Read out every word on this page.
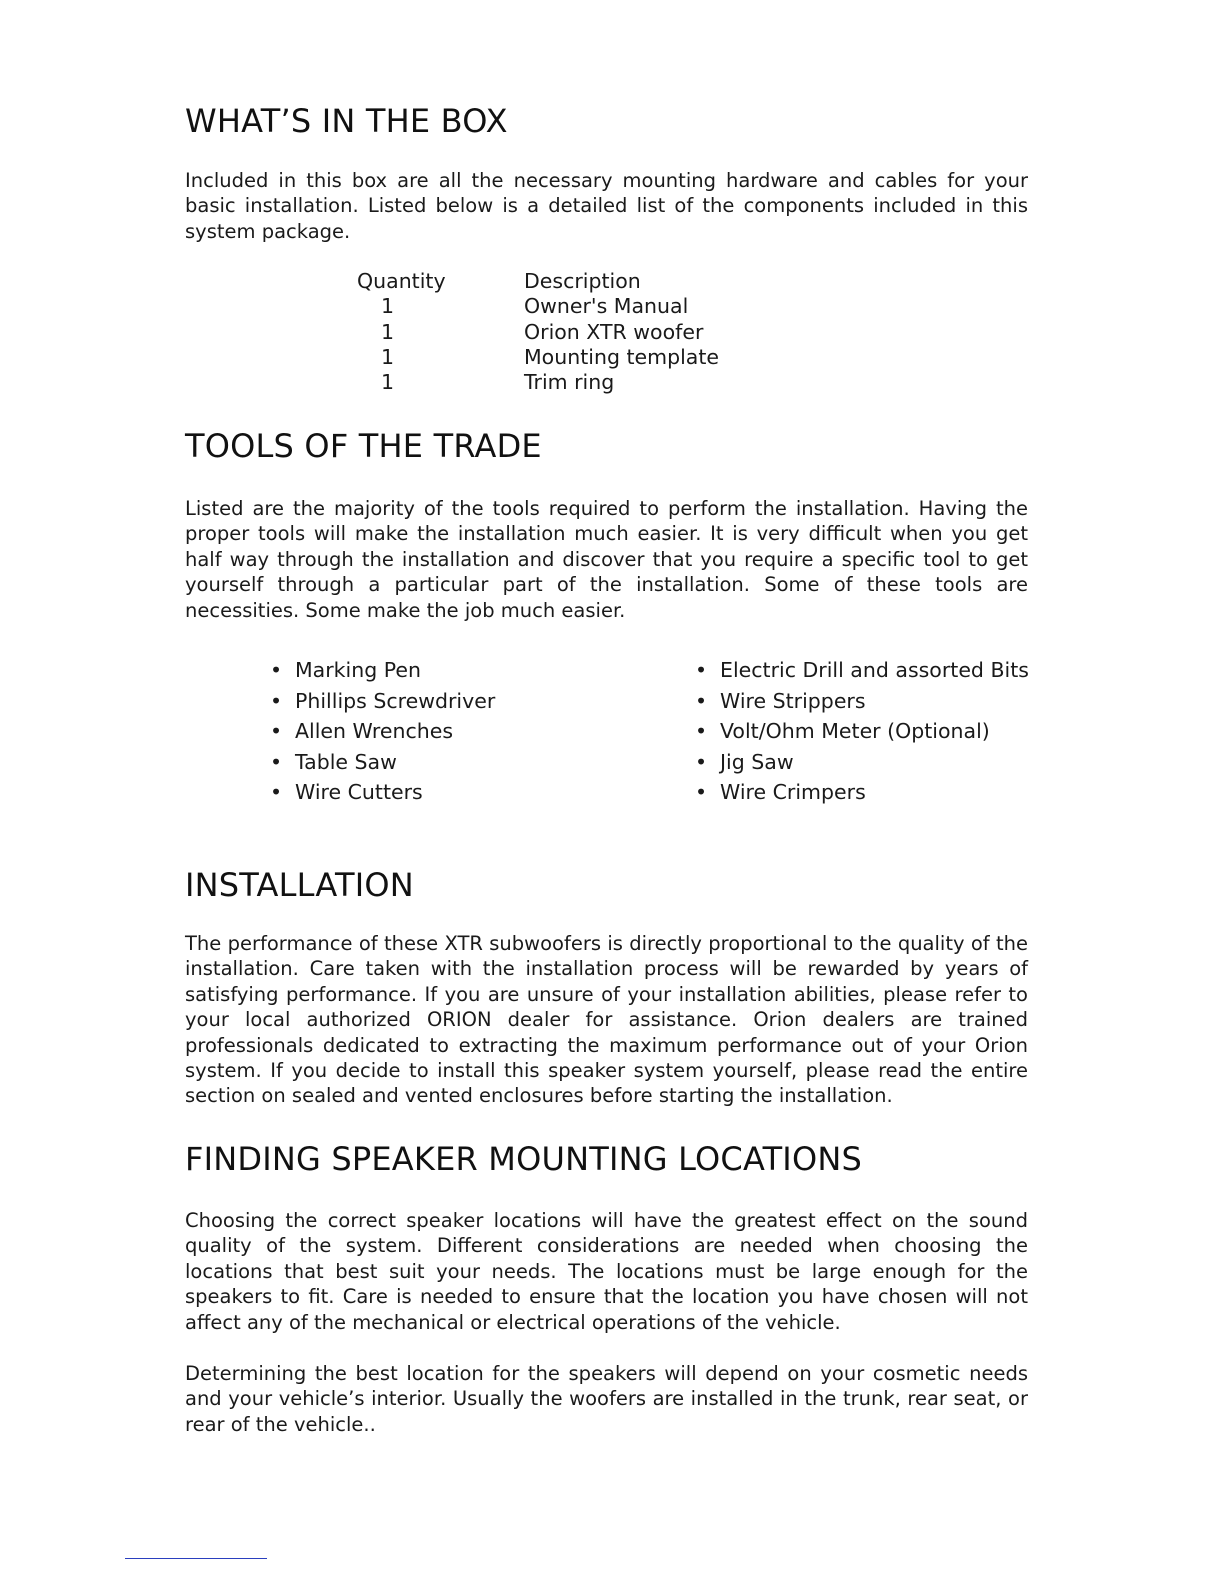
WHAT’S IN THE BOX

Included in this box are all the necessary mounting hardware and cables for your basic installation. Listed below is a detailed list of the components included in this system package.

Quantity	Description
1	Owner's Manual
1	Orion XTR woofer
1	Mounting template
1	Trim ring
TOOLS OF THE TRADE

Listed are the majority of the tools required to perform the installation. Having the proper tools will make the installation much easier. It is very difficult when you get half way through the installation and discover that you require a specific tool to get yourself through a particular part of the installation. Some of these tools are necessities. Some make the job much easier.

• Marking Pen
• Phillips Screwdriver
• Allen Wrenches
• Table Saw
• Wire Cutters
• Electric Drill and assorted Bits
• Wire Strippers
• Volt/Ohm Meter (Optional)
• Jig Saw
• Wire Crimpers
INSTALLATION

The performance of these XTR subwoofers is directly proportional to the quality of the installation. Care taken with the installation process will be rewarded by years of satisfying performance. If you are unsure of your installation abilities, please refer to your local authorized ORION dealer for assistance. Orion dealers are trained professionals dedicated to extracting the maximum performance out of your Orion system. If you decide to install this speaker system yourself, please read the entire section on sealed and vented enclosures before starting the installation.

FINDING SPEAKER MOUNTING LOCATIONS

Choosing the correct speaker locations will have the greatest effect on the sound quality of the system. Different considerations are needed when choosing the locations that best suit your needs. The locations must be large enough for the speakers to fit. Care is needed to ensure that the location you have chosen will not affect any of the mechanical or electrical operations of the vehicle.

Determining the best location for the speakers will depend on your cosmetic needs and your vehicle’s interior. Usually the woofers are installed in the trunk, rear seat, or rear of the vehicle..
